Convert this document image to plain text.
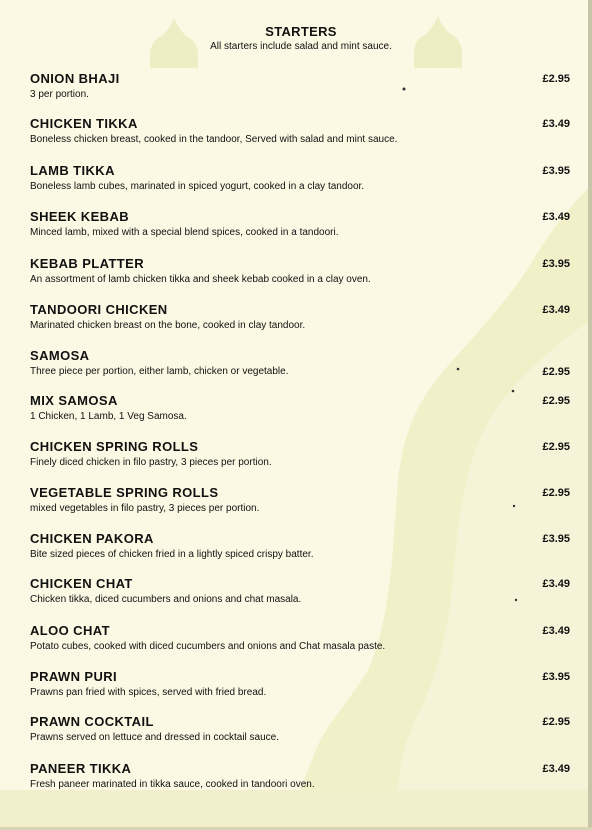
STARTERS
All starters include salad and mint sauce.
ONION BHAJI
3 per portion.
£2.95
CHICKEN TIKKA
Boneless chicken breast, cooked in the tandoor, Served with salad and mint sauce.
£3.49
LAMB TIKKA
Boneless lamb cubes, marinated in spiced yogurt, cooked in a clay tandoor.
£3.95
SHEEK KEBAB
Minced lamb, mixed with a special blend spices, cooked in a tandoori.
£3.49
KEBAB PLATTER
An assortment of lamb chicken tikka and sheek kebab cooked in a clay oven.
£3.95
TANDOORI CHICKEN
Marinated chicken breast on the bone, cooked in clay tandoor.
£3.49
SAMOSA
Three piece per portion, either lamb, chicken or vegetable.	£2.95
MIX SAMOSA
1 Chicken, 1 Lamb, 1 Veg Samosa.
£2.95
CHICKEN SPRING ROLLS
Finely diced chicken in filo pastry, 3 pieces per portion.
£2.95
VEGETABLE SPRING ROLLS
mixed vegetables in filo pastry, 3 pieces per portion.
£2.95
CHICKEN PAKORA
Bite sized pieces of chicken fried in a lightly spiced crispy batter.
£3.95
CHICKEN CHAT
Chicken tikka, diced cucumbers and onions and chat masala.
£3.49
ALOO CHAT
Potato cubes, cooked with diced cucumbers and onions and Chat masala paste.
£3.49
PRAWN PURI
Prawns pan fried with spices, served with fried bread.
£3.95
PRAWN COCKTAIL
Prawns served on lettuce and dressed in cocktail sauce.
£2.95
PANEER TIKKA
Fresh paneer marinated in tikka sauce, cooked in tandoori oven.
£3.49
